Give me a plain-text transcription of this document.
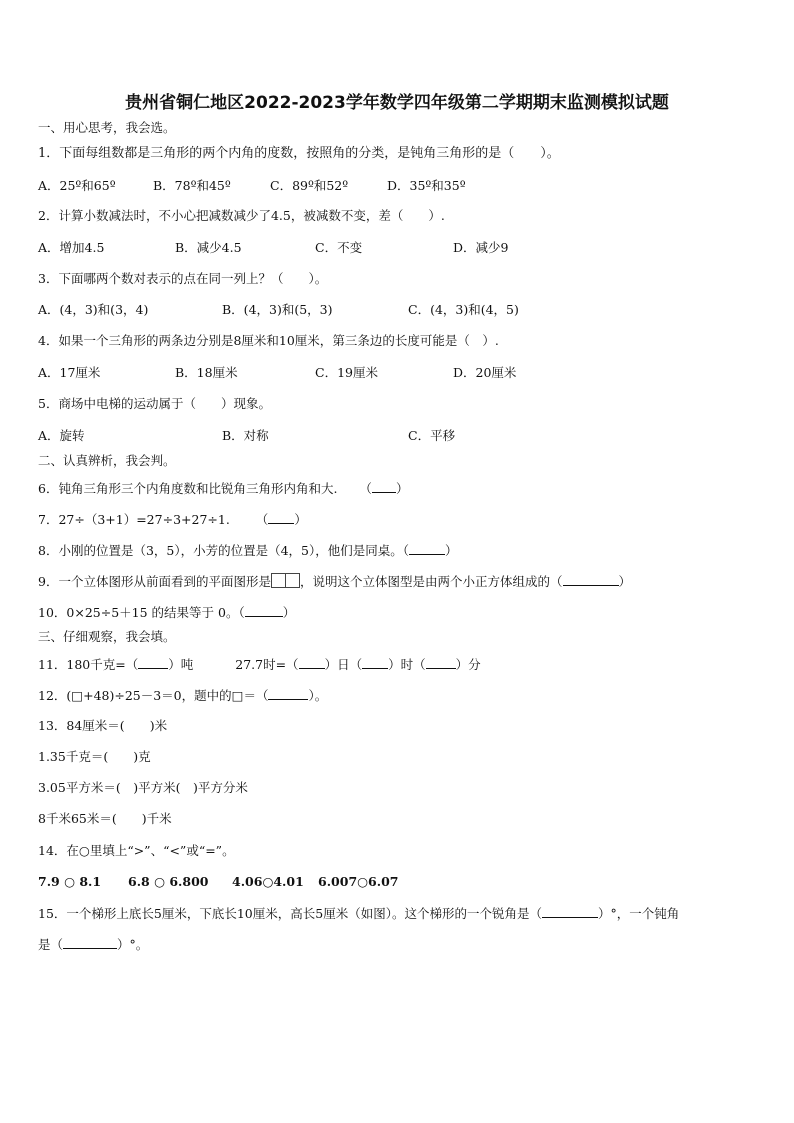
贵州省铜仁地区2022-2023学年数学四年级第二学期期末监测模拟试题
一、用心思考，我会选。
1．下面每组数都是三角形的两个内角的度数，按照角的分类，是钝角三角形的是（　　）。
A．25º和65º	B．78º和45º	C．89º和52º	D．35º和35º
2．计算小数减法时，不小心把减数减少了4.5，被减数不变，差（　　）.
A．增加4.5	B．减少4.5	C．不变	D．减少9
3．下面哪两个数对表示的点在同一列上？（　　）。
A．(4，3)和(3，4)	B．(4，3)和(5，3)	C．(4，3)和(4，5)
4．如果一个三角形的两条边分别是8厘米和10厘米，第三条边的长度可能是（　）.
A．17厘米	B．18厘米	C．19厘米	D．20厘米
5．商场中电梯的运动属于（　　）现象。
A．旋转	B．对称	C．平移
二、认真辨析，我会判。
6．钝角三角形三个内角度数和比锐角三角形内角和大. （ ）
7．27÷（3+1）=27÷3+27÷1. （ ）
8．小刚的位置是（3，5），小芳的位置是（4，5），他们是同桌。（	）
9．一个立体图形从前面看到的平面图形是 ，说明这个立体图型是由两个小正方体组成的（	）
10．0×25÷5＋15 的结果等于 0。（	）
三、仔细观察，我会填。
11．180千克=（ ）吨	27.7时=（ ）日（ ）时（ ）分
12．(□+48)÷25－3＝0，题中的□＝（	）。
13．84厘米＝(　　)米
1.35千克＝(　　)克
3.05平方米＝(　)平方米(　)平方分米
8千米65米＝(　　)千米
14．在○里填上“>”、“<”或“=”。
7.9 ○ 8.1 6.8 ○ 6.800 4.06○4.01 6.007○6.07
15．一个梯形上底长5厘米，下底长10厘米，高长5厘米（如图）。这个梯形的一个锐角是（	）°，一个钝角
是（	）°。
